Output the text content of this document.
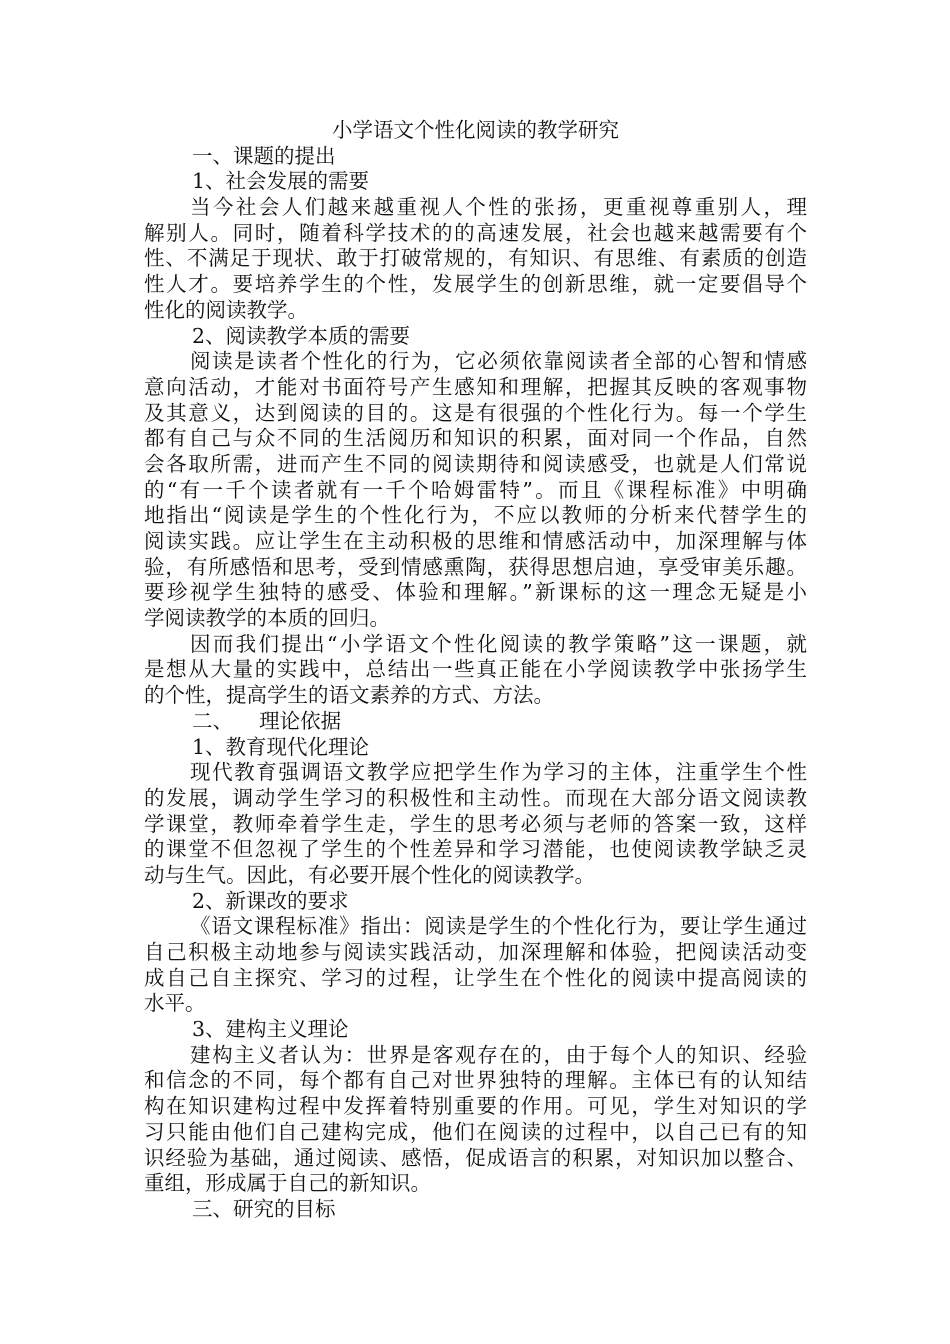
小学语文个性化阅读的教学研究
一、课题的提出
1、社会发展的需要
当今社会人们越来越重视人个性的张扬，更重视尊重别人，理
解别人。同时，随着科学技术的的高速发展，社会也越来越需要有个
性、不满足于现状、敢于打破常规的，有知识、有思维、有素质的创造
性人才。要培养学生的个性，发展学生的创新思维，就一定要倡导个
性化的阅读教学。
2、阅读教学本质的需要
阅读是读者个性化的行为，它必须依靠阅读者全部的心智和情感
意向活动，才能对书面符号产生感知和理解，把握其反映的客观事物
及其意义，达到阅读的目的。这是有很强的个性化行为。每一个学生
都有自己与众不同的生活阅历和知识的积累，面对同一个作品，自然
会各取所需，进而产生不同的阅读期待和阅读感受，也就是人们常说
的“有一千个读者就有一千个哈姆雷特”。而且《课程标准》中明确
地指出“阅读是学生的个性化行为，不应以教师的分析来代替学生的
阅读实践。应让学生在主动积极的思维和情感活动中，加深理解与体
验，有所感悟和思考，受到情感熏陶，获得思想启迪，享受审美乐趣。
要珍视学生独特的感受、体验和理解。”新课标的这一理念无疑是小
学阅读教学的本质的回归。
因而我们提出“小学语文个性化阅读的教学策略”这一课题，就
是想从大量的实践中，总结出一些真正能在小学阅读教学中张扬学生
的个性，提高学生的语文素养的方式、方法。
二、    理论依据
1、教育现代化理论
现代教育强调语文教学应把学生作为学习的主体，注重学生个性
的发展，调动学生学习的积极性和主动性。而现在大部分语文阅读教
学课堂，教师牵着学生走，学生的思考必须与老师的答案一致，这样
的课堂不但忽视了学生的个性差异和学习潜能，也使阅读教学缺乏灵
动与生气。因此，有必要开展个性化的阅读教学。
2、新课改的要求
《语文课程标准》指出：阅读是学生的个性化行为，要让学生通过
自己积极主动地参与阅读实践活动，加深理解和体验，把阅读活动变
成自己自主探究、学习的过程，让学生在个性化的阅读中提高阅读的
水平。
3、建构主义理论
建构主义者认为：世界是客观存在的，由于每个人的知识、经验
和信念的不同，每个都有自己对世界独特的理解。主体已有的认知结
构在知识建构过程中发挥着特别重要的作用。可见，学生对知识的学
习只能由他们自己建构完成，他们在阅读的过程中，以自己已有的知
识经验为基础，通过阅读、感悟，促成语言的积累，对知识加以整合、
重组，形成属于自己的新知识。
三、研究的目标
